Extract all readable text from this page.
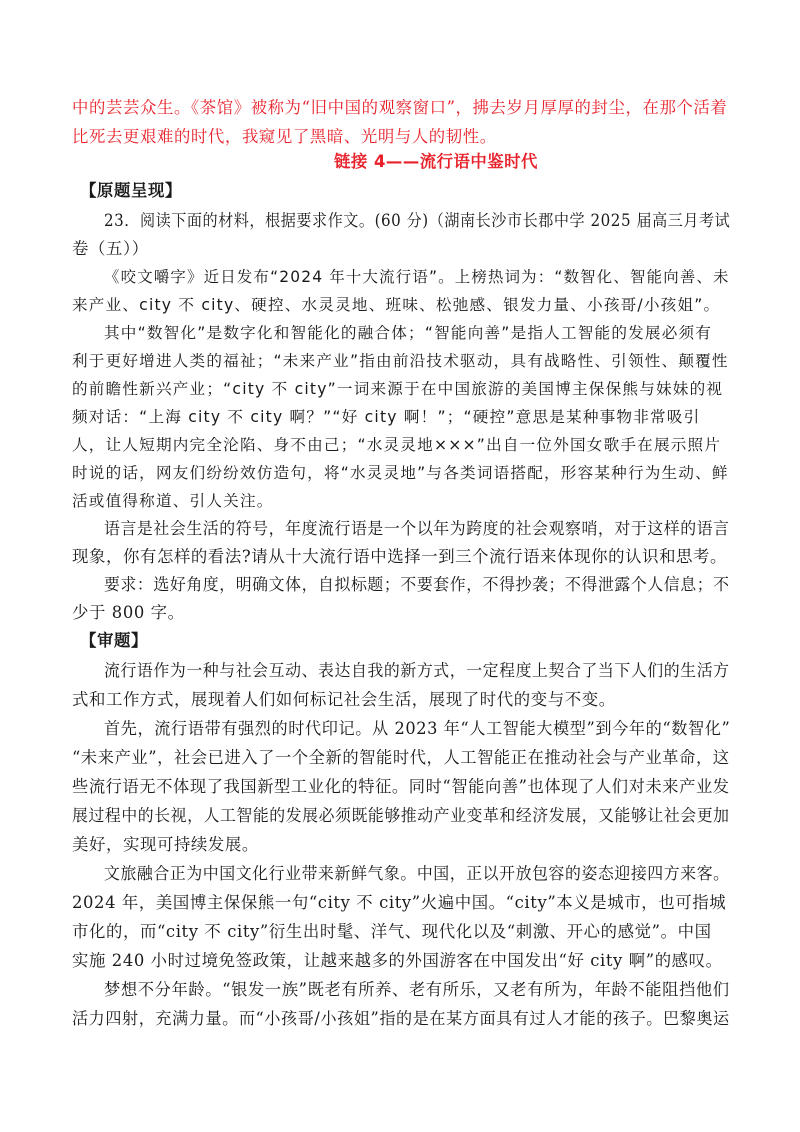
中的芸芸众生。《茶馆》被称为“旧中国的观察窗口”，拂去岁月厚厚的封尘，在那个活着
比死去更艰难的时代，我窥见了黑暗、光明与人的韧性。
链接 4——流行语中鉴时代
【原题呈现】
23．阅读下面的材料，根据要求作文。(60 分)（湖南长沙市长郡中学 2025 届高三月考试
卷（五））
《咬文嚼字》近日发布“2024 年十大流行语”。上榜热词为：“数智化、智能向善、未
来产业、city 不 city、硬控、水灵灵地、班味、松弛感、银发力量、小孩哥/小孩姐”。
其中“数智化”是数字化和智能化的融合体；“智能向善”是指人工智能的发展必须有
利于更好增进人类的福祉；“未来产业”指由前沿技术驱动，具有战略性、引领性、颠覆性
的前瞻性新兴产业；“city 不 city”一词来源于在中国旅游的美国博主保保熊与妹妹的视
频对话：“上海 city 不 city 啊？”“好 city 啊！”；“硬控”意思是某种事物非常吸引
人，让人短期内完全沦陷、身不由己；“水灵灵地×××”出自一位外国女歌手在展示照片
时说的话，网友们纷纷效仿造句，将“水灵灵地”与各类词语搭配，形容某种行为生动、鲜
活或值得称道、引人关注。
语言是社会生活的符号，年度流行语是一个以年为跨度的社会观察哨，对于这样的语言
现象，你有怎样的看法?请从十大流行语中选择一到三个流行语来体现你的认识和思考。
要求：选好角度，明确文体，自拟标题；不要套作，不得抄袭；不得泄露个人信息；不
少于 800 字。
【审题】
流行语作为一种与社会互动、表达自我的新方式，一定程度上契合了当下人们的生活方
式和工作方式，展现着人们如何标记社会生活，展现了时代的变与不变。
首先，流行语带有强烈的时代印记。从 2023 年“人工智能大模型”到今年的“数智化”
“未来产业”，社会已进入了一个全新的智能时代，人工智能正在推动社会与产业革命，这
些流行语无不体现了我国新型工业化的特征。同时“智能向善”也体现了人们对未来产业发
展过程中的长视，人工智能的发展必须既能够推动产业变革和经济发展，又能够让社会更加
美好，实现可持续发展。
文旅融合正为中国文化行业带来新鲜气象。中国，正以开放包容的姿态迎接四方来客。
2024 年，美国博主保保熊一句“city 不 city”火遍中国。“city”本义是城市，也可指城
市化的，而“city 不 city”衍生出时髦、洋气、现代化以及“刺激、开心的感觉”。中国
实施 240 小时过境免签政策，让越来越多的外国游客在中国发出“好 city 啊”的感叹。
梦想不分年龄。“银发一族”既老有所养、老有所乐，又老有所为，年龄不能阻挡他们
活力四射，充满力量。而“小孩哥/小孩姐”指的是在某方面具有过人才能的孩子。巴黎奥运
